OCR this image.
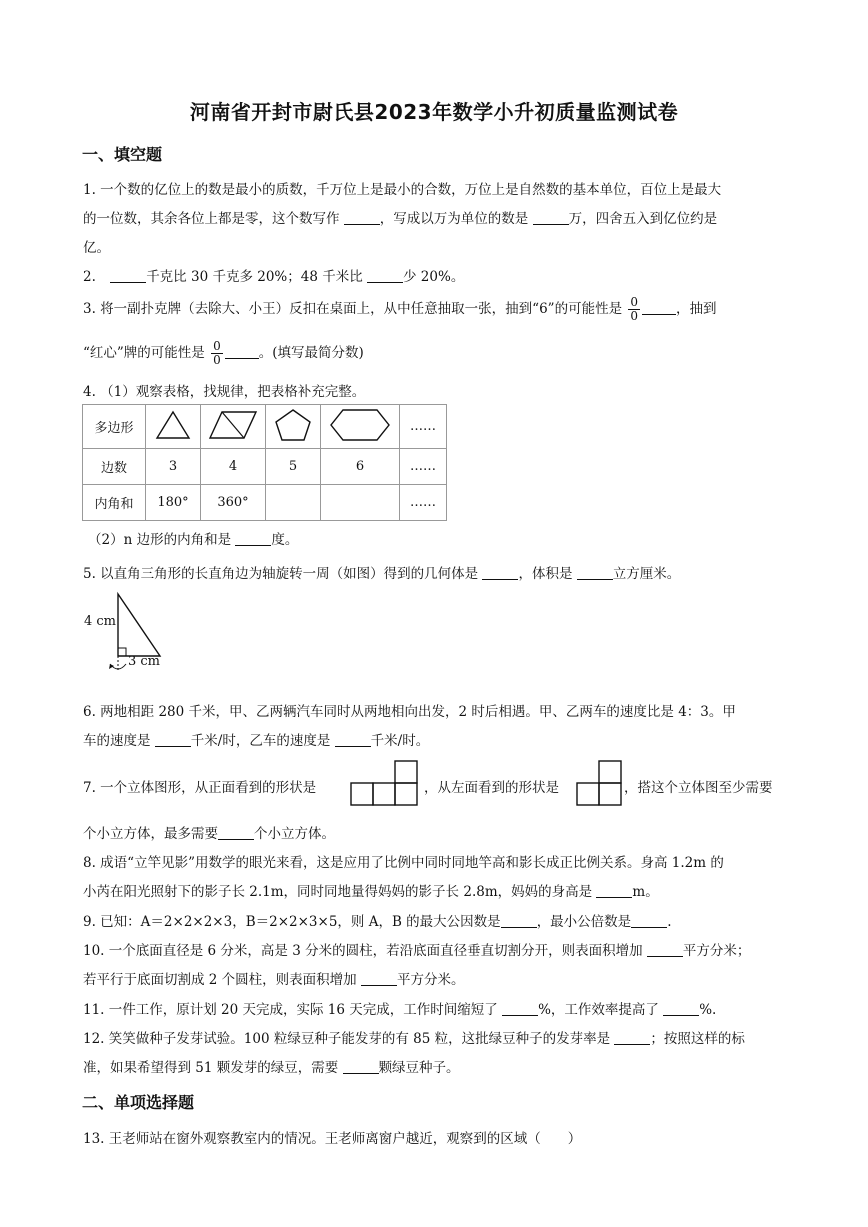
河南省开封市尉氏县2023年数学小升初质量监测试卷
一、填空题
1. 一个数的亿位上的数是最小的质数，千万位上是最小的合数，万位上是自然数的基本单位，百位上是最大
的一位数，其余各位上都是零，这个数写作	，写成以万为单位的数是	万，四舍五入到亿位约是
亿。
2.	千克比 30 千克多 20%；48 千米比	少 20%。
3. 将一副扑克牌（去除大、小王）反扣在桌面上，从中任意抽取一张，抽到“6”的可能性是 $\frac{0}{0}$	，抽到
“红心”牌的可能性是 $\frac{0}{0}$	。(填写最简分数)
4. （1）观察表格，找规律，把表格补充完整。
多边形					……
边数	3	4	5	6	……
内角和	180°	360°			……
（2）n 边形的内角和是	度。
5. 以直角三角形的长直角边为轴旋转一周（如图）得到的几何体是	，体积是	立方厘米。
4 cm
3 cm
6. 两地相距 280 千米，甲、乙两辆汽车同时从两地相向出发，2 时后相遇。甲、乙两车的速度比是 4：3。甲
车的速度是	千米/时，乙车的速度是	千米/时。
7. 一个立体图形，从正面看到的形状是	，从左面看到的形状是	，搭这个立体图至少需要
个小立方体，最多需要	个小立方体。
8. 成语“立竿见影”用数学的眼光来看，这是应用了比例中同时同地竿高和影长成正比例关系。身高 1.2m 的
小芮在阳光照射下的影子长 2.1m，同时同地量得妈妈的影子长 2.8m，妈妈的身高是	m。
9. 已知：A＝2×2×2×3，B＝2×2×3×5，则 A，B 的最大公因数是	，最小公倍数是	.
10. 一个底面直径是 6 分米，高是 3 分米的圆柱，若沿底面直径垂直切割分开，则表面积增加	平方分米；
若平行于底面切割成 2 个圆柱，则表面积增加	平方分米。
11. 一件工作，原计划 20 天完成，实际 16 天完成，工作时间缩短了	%，工作效率提高了	%.
12. 笑笑做种子发芽试验。100 粒绿豆种子能发芽的有 85 粒，这批绿豆种子的发芽率是	；按照这样的标
准，如果希望得到 51 颗发芽的绿豆，需要	颗绿豆种子。
二、单项选择题
13. 王老师站在窗外观察教室内的情况。王老师离窗户越近，观察到的区域（　　）
